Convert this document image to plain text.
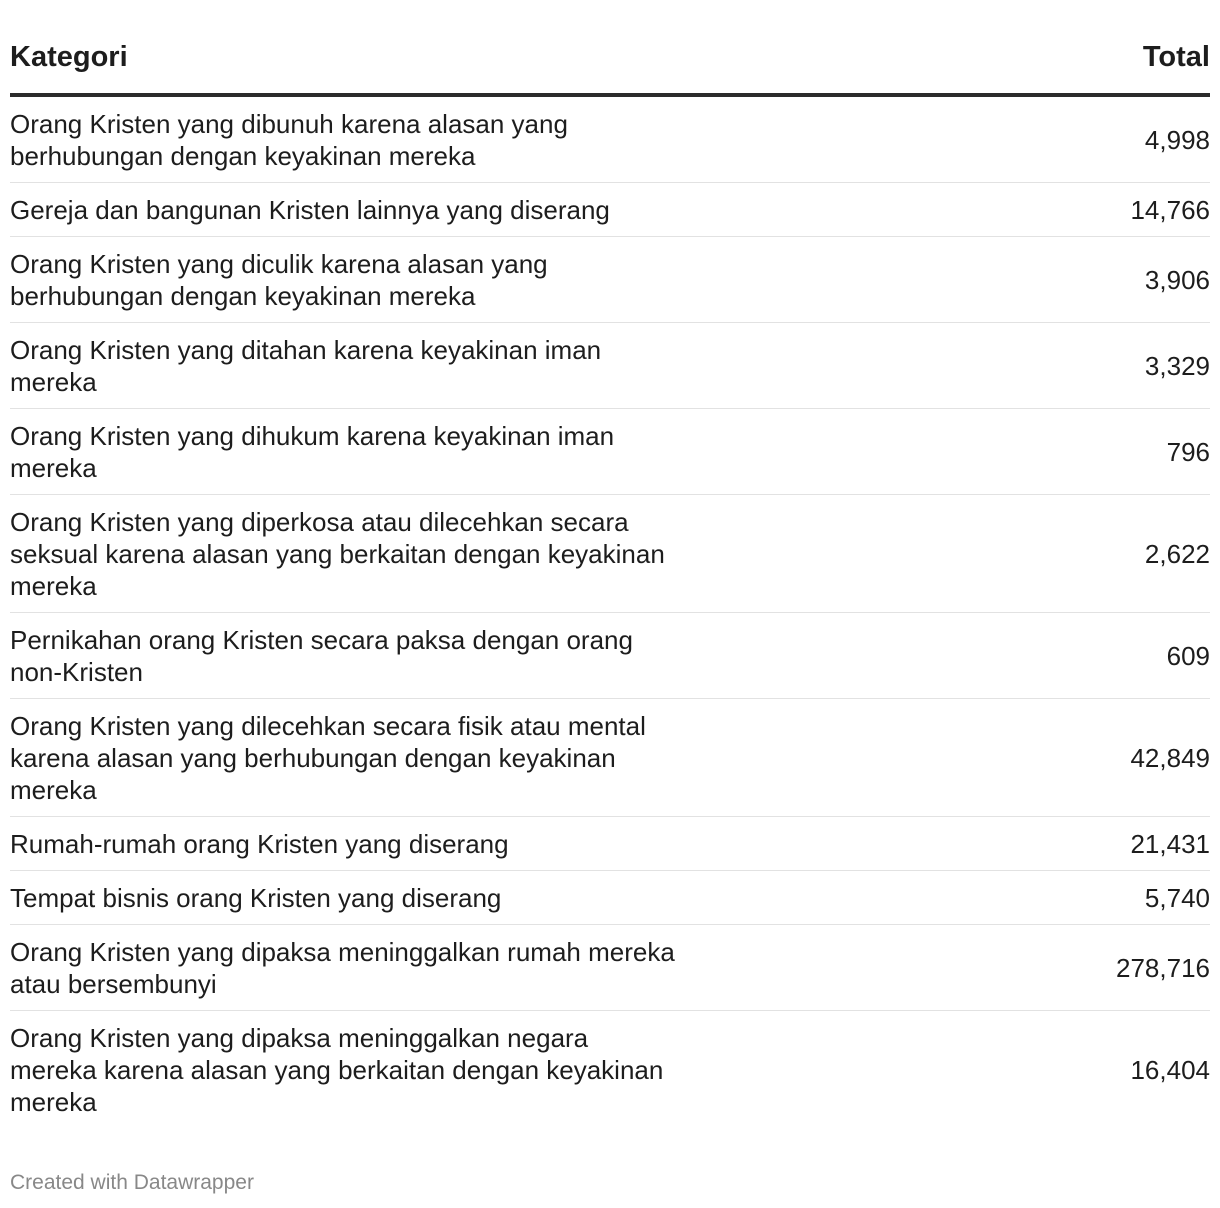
Kategori	Total

Orang Kristen yang dibunuh karena alasan yang berhubungan dengan keyakinan mereka	4,998

Gereja dan bangunan Kristen lainnya yang diserang	14,766

Orang Kristen yang diculik karena alasan yang berhubungan dengan keyakinan mereka	3,906

Orang Kristen yang ditahan karena keyakinan iman mereka	3,329

Orang Kristen yang dihukum karena keyakinan iman mereka	796

Orang Kristen yang diperkosa atau dilecehkan secara seksual karena alasan yang berkaitan dengan keyakinan mereka	2,622

Pernikahan orang Kristen secara paksa dengan orang non-Kristen	609

Orang Kristen yang dilecehkan secara fisik atau mental karena alasan yang berhubungan dengan keyakinan mereka	42,849

Rumah-rumah orang Kristen yang diserang	21,431

Tempat bisnis orang Kristen yang diserang	5,740

Orang Kristen yang dipaksa meninggalkan rumah mereka atau bersembunyi	278,716

Orang Kristen yang dipaksa meninggalkan negara mereka karena alasan yang berkaitan dengan keyakinan mereka	16,404
Created with Datawrapper
